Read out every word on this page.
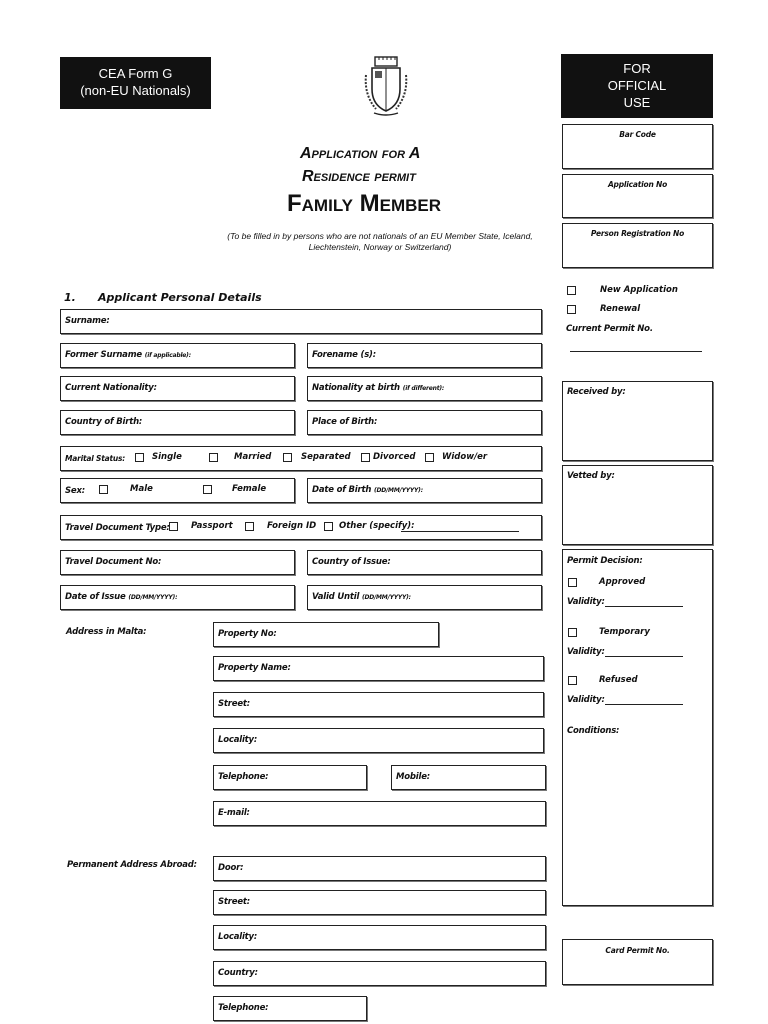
CEA Form G
(non-EU Nationals)
FOR
OFFICIAL
USE
Application for A
Residence permit
Family Member
(To be filled in by persons who are not nationals of an EU Member State, Iceland, Liechtenstein, Norway or Switzerland)
Bar Code
Application No
Person Registration No
New Application
Renewal
Current Permit No.
Received by:
Vetted by:
Permit Decision:
Approved
Validity:
Temporary
Validity:
Refused
Validity:
Conditions:
Card Permit No.
1. Applicant Personal Details
Surname:
Former Surname (if applicable):	Forename (s):
Current Nationality:	Nationality at birth (if different):
Country of Birth:	Place of Birth:
Marital Status:	Single	Married	Separated	Divorced	Widow/er
Sex:	Male	Female	Date of Birth (DD/MM/YYYY):
Travel Document Type:	Passport	Foreign ID	Other (specify):
Travel Document No:	Country of Issue:
Date of Issue (DD/MM/YYYY):	Valid Until (DD/MM/YYYY):
Address in Malta:	Property No:
Property Name:
Street:
Locality:
Telephone:	Mobile:
E-mail:
Permanent Address Abroad: Door:
Street:
Locality:
Country:
Telephone:
